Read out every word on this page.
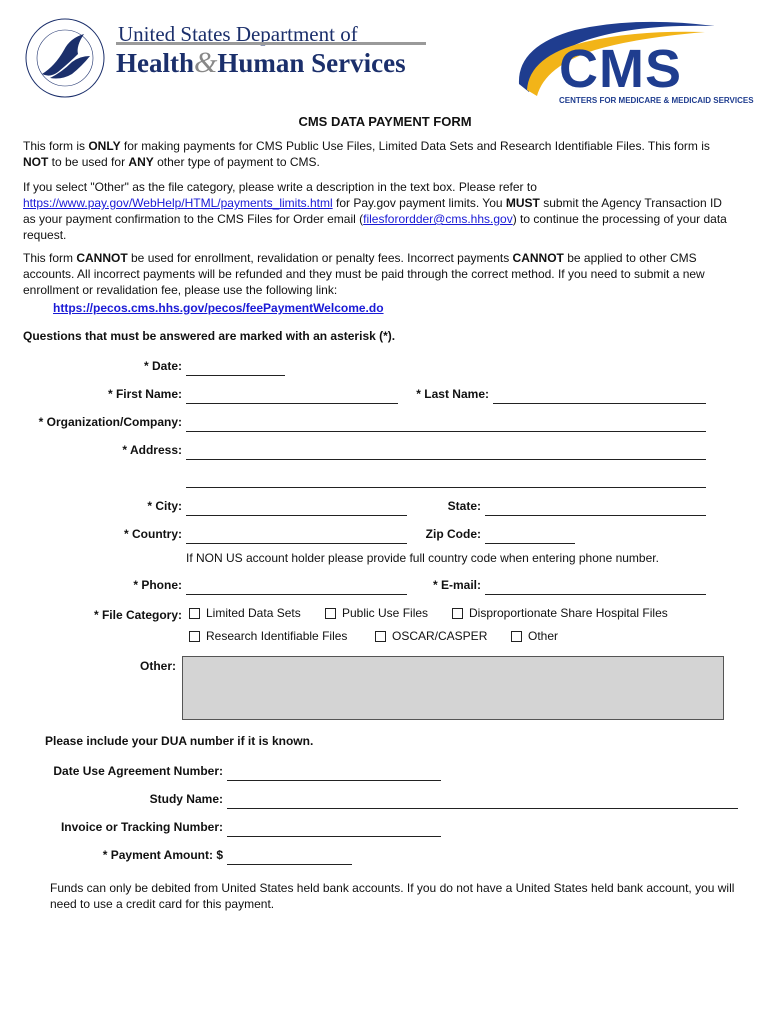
United States Department of
Health&Human Services	CMS
CENTERS FOR MEDICARE & MEDICAID SERVICES
CMS DATA PAYMENT FORM

This form is ONLY for making payments for CMS Public Use Files, Limited Data Sets and Research Identifiable Files. This form is NOT to be used for ANY other type of payment to CMS.

If you select "Other" as the file category, please write a description in the text box. Please refer to https://www.pay.gov/WebHelp/HTML/payments_limits.html for Pay.gov payment limits. You MUST submit the Agency Transaction ID as your payment confirmation to the CMS Files for Order email (filesforordder@cms.hhs.gov) to continue the processing of your data request.

This form CANNOT be used for enrollment, revalidation or penalty fees. Incorrect payments CANNOT be applied to other CMS accounts. All incorrect payments will be refunded and they must be paid through the correct method. If you need to submit a new enrollment or revalidation fee, please use the following link:

https://pecos.cms.hhs.gov/pecos/feePaymentWelcome.do
Questions that must be answered are marked with an asterisk (*).
* Date:
* First Name:	* Last Name:
* Organization/Company:
* Address:
* City:	State:
* Country:	Zip Code:
If NON US account holder please provide full country code when entering phone number.
* Phone:	* E-mail:
* File Category: Limited Data Sets	Public Use Files	Disproportionate Share Hospital Files
Research Identifiable Files	OSCAR/CASPER	Other
Other:
Please include your DUA number if it is known.
Date Use Agreement Number:
Study Name:
Invoice or Tracking Number:
* Payment Amount: $

Funds can only be debited from United States held bank accounts. If you do not have a United States held bank account, you will need to use a credit card for this payment.
